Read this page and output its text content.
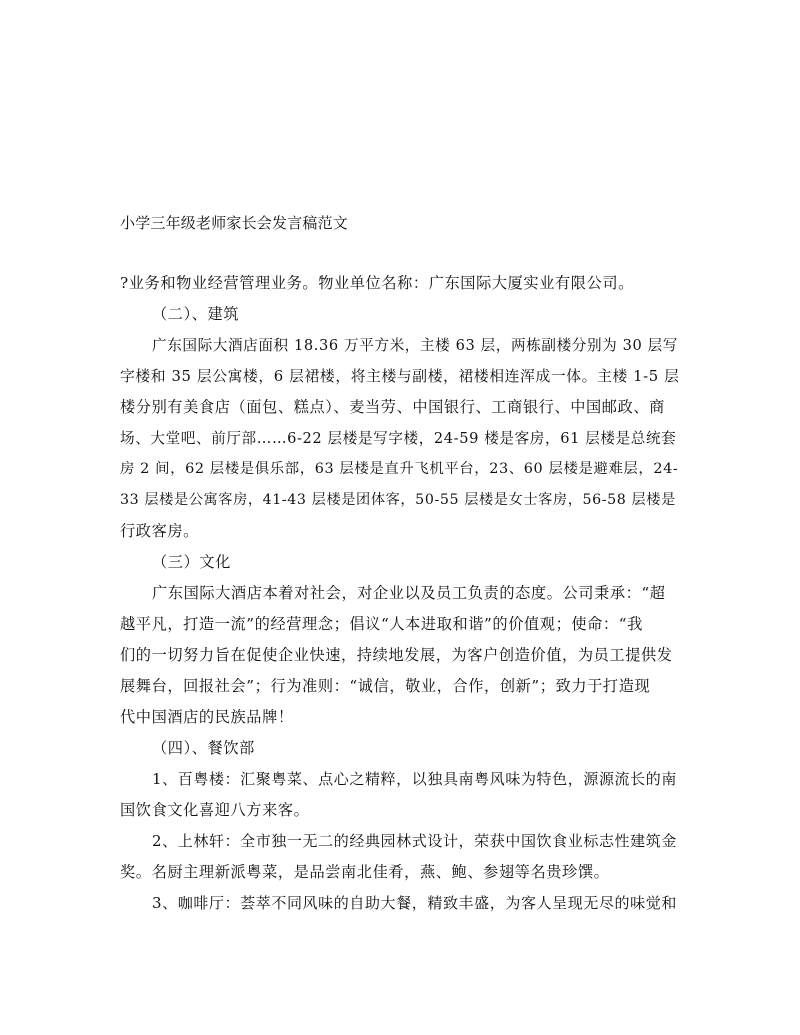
小学三年级老师家长会发言稿范文

?业务和物业经营管理业务。物业单位名称：广东国际大厦实业有限公司。

（二）、建筑

广东国际大酒店面积 18.36 万平方米，主楼 63 层，两栋副楼分别为 30 层写

字楼和 35 层公寓楼，6 层裙楼，将主楼与副楼，裙楼相连浑成一体。主楼 1-5 层

楼分别有美食店（面包、糕点）、麦当劳、中国银行、工商银行、中国邮政、商

场、大堂吧、前厅部……6-22 层楼是写字楼，24-59 楼是客房，61 层楼是总统套

房 2 间，62 层楼是俱乐部，63 层楼是直升飞机平台，23、60 层楼是避难层，24-

33 层楼是公寓客房，41-43 层楼是团体客，50-55 层楼是女士客房，56-58 层楼是

行政客房。

（三）文化

广东国际大酒店本着对社会，对企业以及员工负责的态度。公司秉承：“超

越平凡，打造一流”的经营理念；倡议“人本进取和谐”的价值观；使命：“我

们的一切努力旨在促使企业快速，持续地发展，为客户创造价值，为员工提供发

展舞台，回报社会”；行为准则：“诚信，敬业，合作，创新”；致力于打造现

代中国酒店的民族品牌！

（四）、餐饮部

1、百粤楼：汇聚粤菜、点心之精粹，以独具南粤风味为特色，源源流长的南

国饮食文化喜迎八方来客。

2、上林轩：全市独一无二的经典园林式设计，荣获中国饮食业标志性建筑金

奖。名厨主理新派粤菜，是品尝南北佳肴，燕、鲍、参翅等名贵珍馔。

3、咖啡厅：荟萃不同风味的自助大餐，精致丰盛，为客人呈现无尽的味觉和
